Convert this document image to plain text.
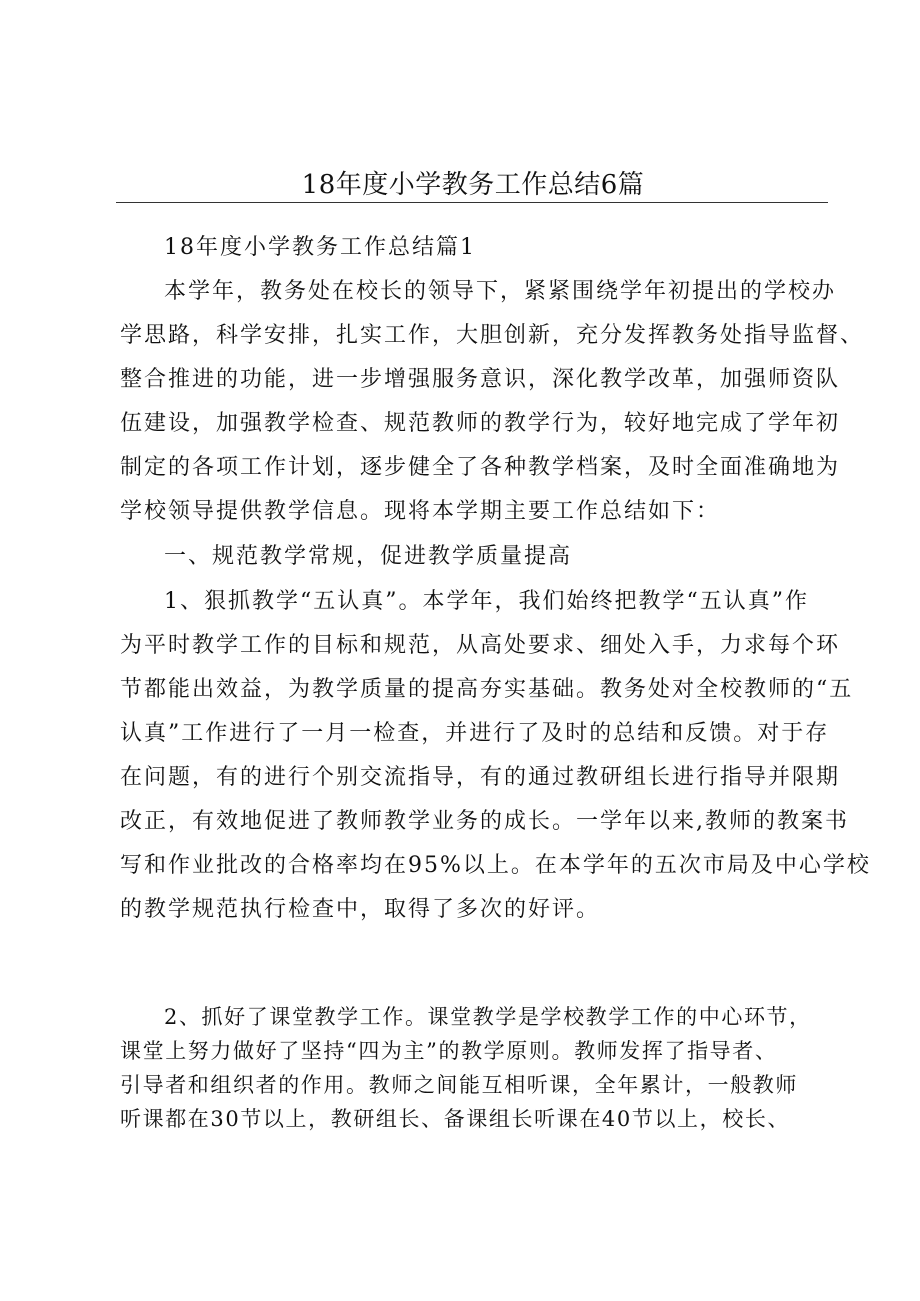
18年度小学教务工作总结6篇
18年度小学教务工作总结篇1
本学年，教务处在校长的领导下，紧紧围绕学年初提出的学校办
学思路，科学安排，扎实工作，大胆创新，充分发挥教务处指导监督、
整合推进的功能，进一步增强服务意识，深化教学改革，加强师资队
伍建设，加强教学检查、规范教师的教学行为，较好地完成了学年初
制定的各项工作计划，逐步健全了各种教学档案，及时全面准确地为
学校领导提供教学信息。现将本学期主要工作总结如下：
一、规范教学常规，促进教学质量提高
1、狠抓教学“五认真”。本学年，我们始终把教学“五认真”作
为平时教学工作的目标和规范，从高处要求、细处入手，力求每个环
节都能出效益，为教学质量的提高夯实基础。教务处对全校教师的“五
认真”工作进行了一月一检查，并进行了及时的总结和反馈。对于存
在问题，有的进行个别交流指导，有的通过教研组长进行指导并限期
改正，有效地促进了教师教学业务的成长。一学年以来,教师的教案书
写和作业批改的合格率均在95%以上。在本学年的五次市局及中心学校
的教学规范执行检查中，取得了多次的好评。
2、抓好了课堂教学工作。课堂教学是学校教学工作的中心环节，
课堂上努力做好了坚持“四为主”的教学原则。教师发挥了指导者、
引导者和组织者的作用。教师之间能互相听课，全年累计，一般教师
听课都在30节以上，教研组长、备课组长听课在40节以上，校长、
